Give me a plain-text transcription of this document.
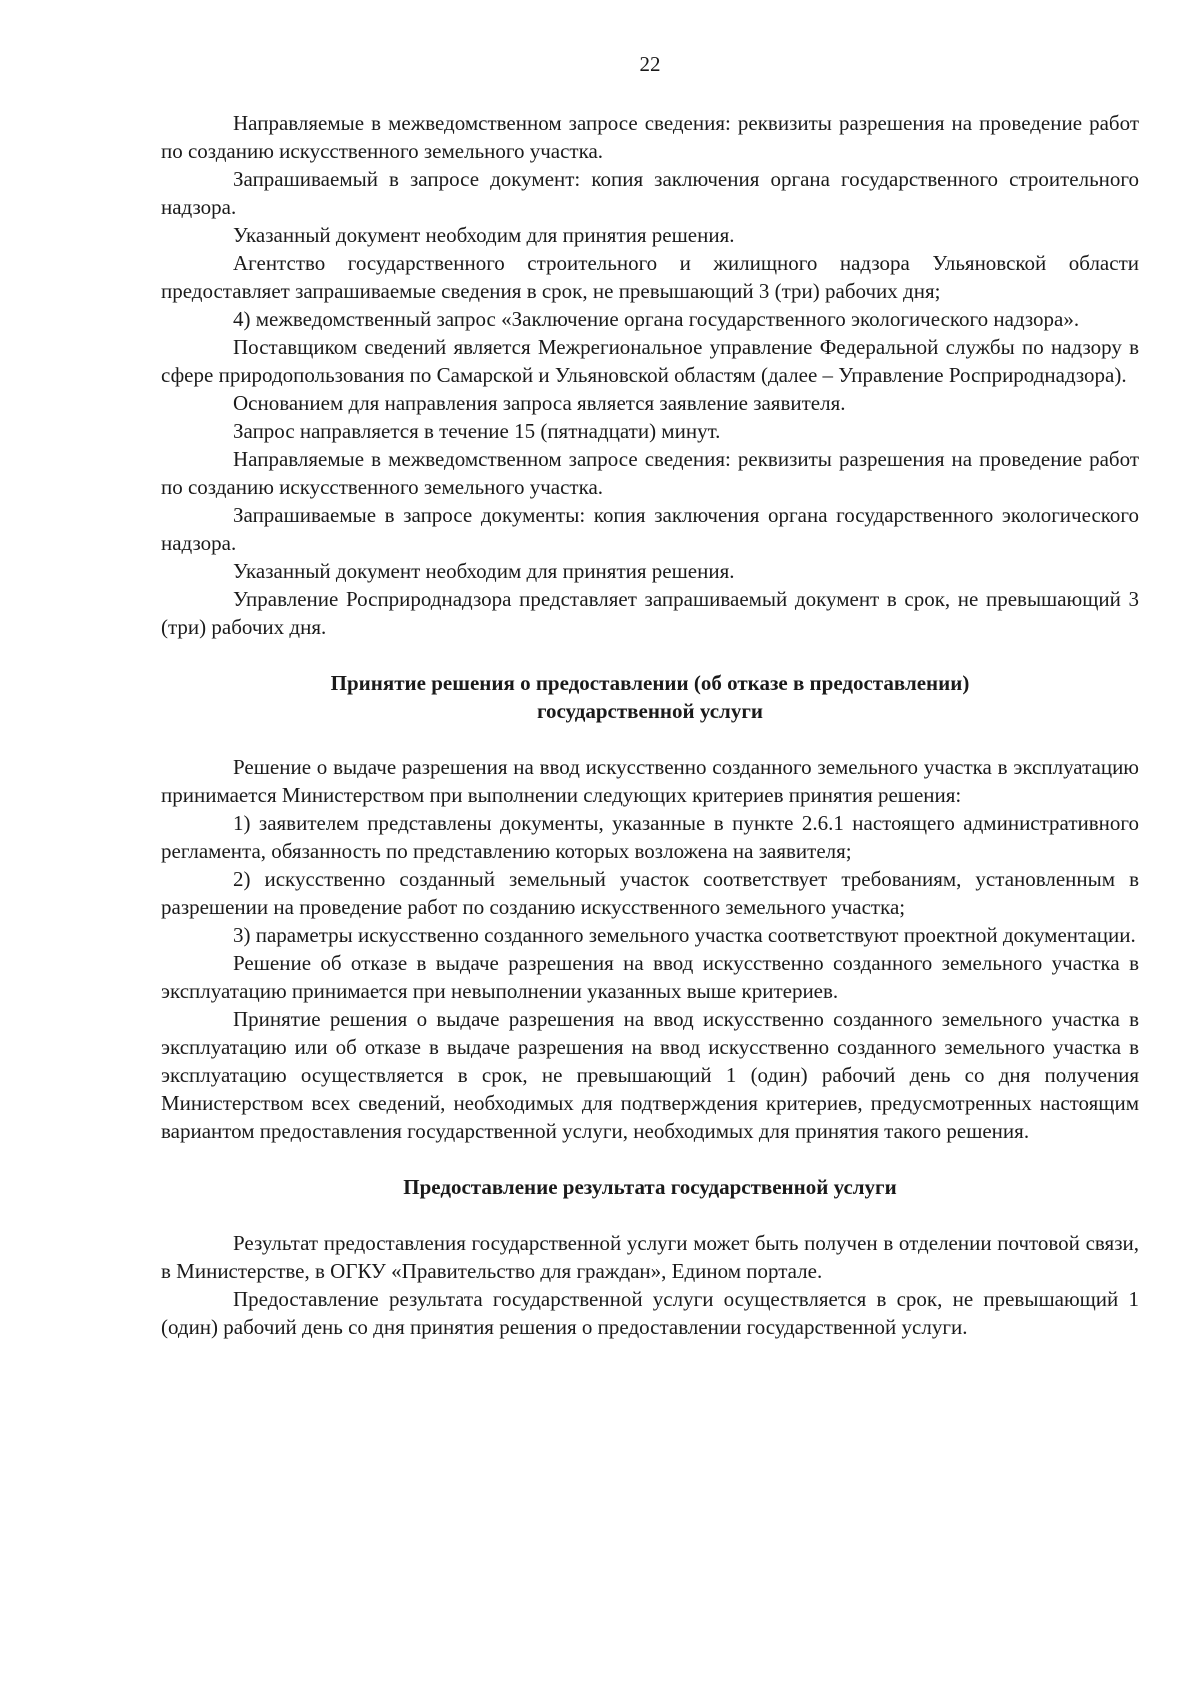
22

Направляемые в межведомственном запросе сведения: реквизиты разрешения на проведение работ по созданию искусственного земельного участка.

Запрашиваемый в запросе документ: копия заключения органа государственного строительного надзора.

Указанный документ необходим для принятия решения.

Агентство государственного строительного и жилищного надзора Ульяновской области предоставляет запрашиваемые сведения в срок, не превышающий 3 (три) рабочих дня;

4) межведомственный запрос «Заключение органа государственного экологического надзора».

Поставщиком сведений является Межрегиональное управление Федеральной службы по надзору в сфере природопользования по Самарской и Ульяновской областям (далее – Управление Росприроднадзора).

Основанием для направления запроса является заявление заявителя.

Запрос направляется в течение 15 (пятнадцати) минут.

Направляемые в межведомственном запросе сведения: реквизиты разрешения на проведение работ по созданию искусственного земельного участка.

Запрашиваемые в запросе документы: копия заключения органа государственного экологического надзора.

Указанный документ необходим для принятия решения.

Управление Росприроднадзора представляет запрашиваемый документ в срок, не превышающий 3 (три) рабочих дня.

Принятие решения о предоставлении (об отказе в предоставлении)
государственной услуги

Решение о выдаче разрешения на ввод искусственно созданного земельного участка в эксплуатацию принимается Министерством при выполнении следующих критериев принятия решения:

1) заявителем представлены документы, указанные в пункте 2.6.1 настоящего административного регламента, обязанность по представлению которых возложена на заявителя;

2) искусственно созданный земельный участок соответствует требованиям, установленным в разрешении на проведение работ по созданию искусственного земельного участка;

3) параметры искусственно созданного земельного участка соответствуют проектной документации.

Решение об отказе в выдаче разрешения на ввод искусственно созданного земельного участка в эксплуатацию принимается при невыполнении указанных выше критериев.

Принятие решения о выдаче разрешения на ввод искусственно созданного земельного участка в эксплуатацию или об отказе в выдаче разрешения на ввод искусственно созданного земельного участка в эксплуатацию осуществляется в срок, не превышающий 1 (один) рабочий день со дня получения Министерством всех сведений, необходимых для подтверждения критериев, предусмотренных настоящим вариантом предоставления государственной услуги, необходимых для принятия такого решения.

Предоставление результата государственной услуги

Результат предоставления государственной услуги может быть получен в отделении почтовой связи, в Министерстве, в ОГКУ «Правительство для граждан», Едином портале.

Предоставление результата государственной услуги осуществляется в срок, не превышающий 1 (один) рабочий день со дня принятия решения о предоставлении государственной услуги.
